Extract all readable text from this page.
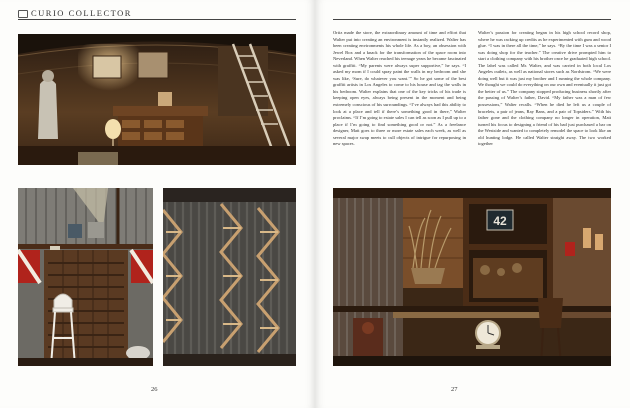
CURIO COLLECTOR
26

Ortiz made the store, the extraordinary amount of time and effort that Walter put into creating an environment is instantly realized. Walter has been creating environments his whole life. As a boy, an obsession with Jewel Box and a knack for the transformation of the space room into Neverland. When Walter reached his teenage years he became fascinated with graffiti. “My parents were always super supportive,” he says. “I asked my mom if I could spray paint the walls in my bedroom and she was like, ‘Sure, do whatever you want.’” So he got some of the best graffiti artists in Los Angeles to come to his house and tag the walls in his bedroom. Walter explains that one of the key tricks of his trade is keeping open eyes, always being present in the moment and being extremely conscious of his surroundings. “I’ve always had this ability to look at a place and tell if there’s something good in there,” Walter proclaims. “If I’m going to estate sales I can tell as soon as I pull up to a place if I’m going to find something good or not.” As a freelance designer, Matt goes to three or more estate sales each week, as well as several major swap meets to cull objects of intrigue for repurposing in new spaces.

Walter’s passion for creating began in his high school record shop, where he was racking up credits as he experimented with gum and wood glue. “I was in there all the time,” he says. “By the time I was a senior I was doing shop for the teacher.” The creative drive prompted him to start a clothing company with his brother once he graduated high school. The label was called Mr. Walter, and was carried in both local Los Angeles outlets, as well as national stores such as Nordstrom. “We were doing well but it was just my brother and I running the whole company. We thought we could do everything on our own and eventually it just got the better of us.” The company stopped producing business shortly after the passing of Walter’s father, David. “My father was a man of few possessions,” Walter recalls. “When he died he left us a couple of bracelets, a pair of jeans, Ray Bans, and a pair of Topsiders.” With his father gone and the clothing company no longer in operation, Matt turned his focus to designing a friend of his bad just purchased a bar on the Westside and wanted to completely remodel the space to look like an old hunting lodge. He called Walter straight away. The two worked together

42
27
